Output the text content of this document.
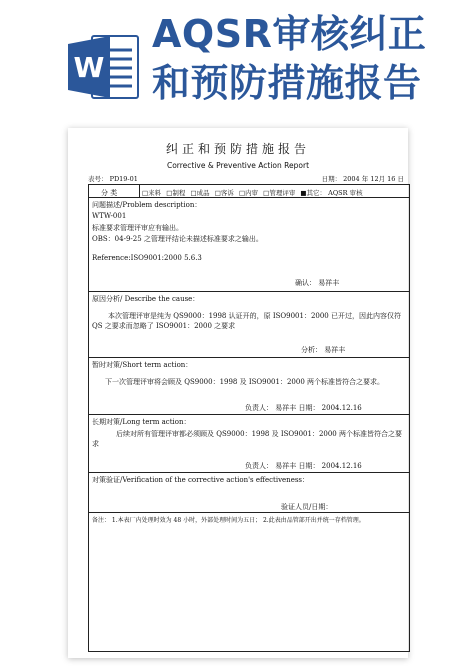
W
AQSR审核纠正
和预防措施报告
纠正和预防措施报告
Corrective & Preventive Action Report
表号： PD19-01	日期： 2004 年 12月 16 日
分 类	□来料 □制程 □成品 □客诉 □内审 □管理评审 ■其它： AQSR 审核
问题描述/Problem description：
WTW-001
标准要求管理评审应有输出。
OBS：04-9-25 之管理评结论未描述标准要求之输出。
Reference:ISO9001:2000 5.6.3
确认： 易祥丰
原因分析/ Describe the cause：
本次管理评审是纯为 QS9000：1998 认证开的，原 ISO9001：2000 已开过，因此内容仅符 QS 之要求而忽略了 ISO9001：2000 之要求
分析： 易祥丰
暂时对策/Short term action：
下一次管理评审将会顾及 QS9000：1998 及 ISO9001：2000 两个标准皆符合之要求。
负责人： 易祥丰 日期： 2004.12.16
长期对策/Long term action：
后续对所有管理评审都必须顾及 QS9000：1998 及 ISO9001：2000 两个标准皆符合之要求
负责人： 易祥丰 日期： 2004.12.16
对策验证/Verification of the corrective action's effectiveness：
验证人员/日期：
备注： 1.本表厂内处理时效为 48 小时，外部处理时间为五日； 2.此表由品管部开出并统一存档管理。
